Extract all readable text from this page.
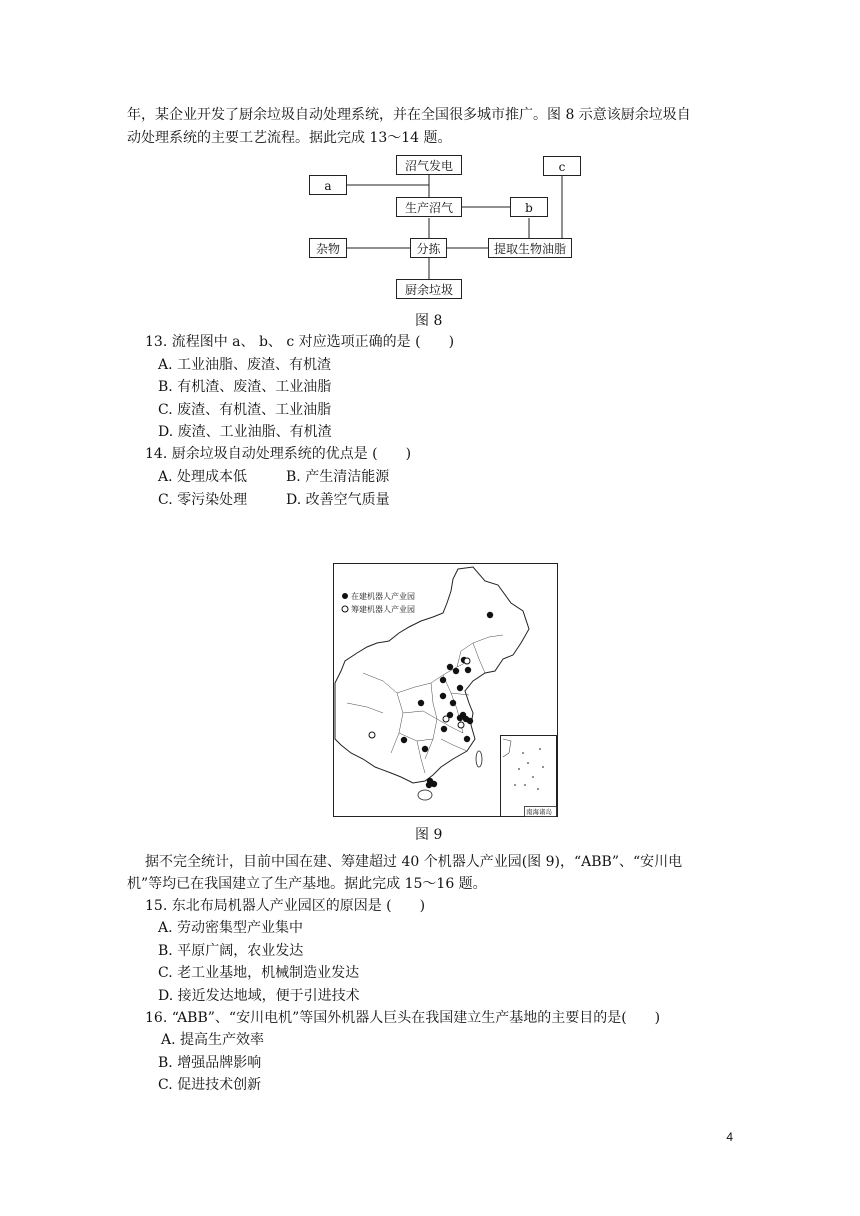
年，某企业开发了厨余垃圾自动处理系统，并在全国很多城市推广。图 8 示意该厨余垃圾自
动处理系统的主要工艺流程。据此完成 13～14 题。
沼气发电
a
生产沼气	b
c
杂物	分拣	提取生物油脂
厨余垃圾
图 8
13. 流程图中 a、 b、 c 对应选项正确的是 (　　)
A. 工业油脂、废渣、有机渣
B. 有机渣、废渣、工业油脂
C. 废渣、有机渣、工业油脂
D. 废渣、工业油脂、有机渣
14. 厨余垃圾自动处理系统的优点是 (　　)
A. 处理成本低	B. 产生清洁能源
C. 零污染处理	D. 改善空气质量
在建机器人产业园
筹建机器人产业园
南海诸岛
图 9
据不完全统计，目前中国在建、筹建超过 40 个机器人产业园(图 9)，“ABB”、“安川电
机”等均已在我国建立了生产基地。据此完成 15～16 题。
15. 东北布局机器人产业园区的原因是 (　　)
A. 劳动密集型产业集中
B. 平原广阔，农业发达
C. 老工业基地，机械制造业发达
D. 接近发达地域，便于引进技术
16. “ABB”、“安川电机”等国外机器人巨头在我国建立生产基地的主要目的是(　　)
A. 提高生产效率
B. 增强品牌影响
C. 促进技术创新
4
